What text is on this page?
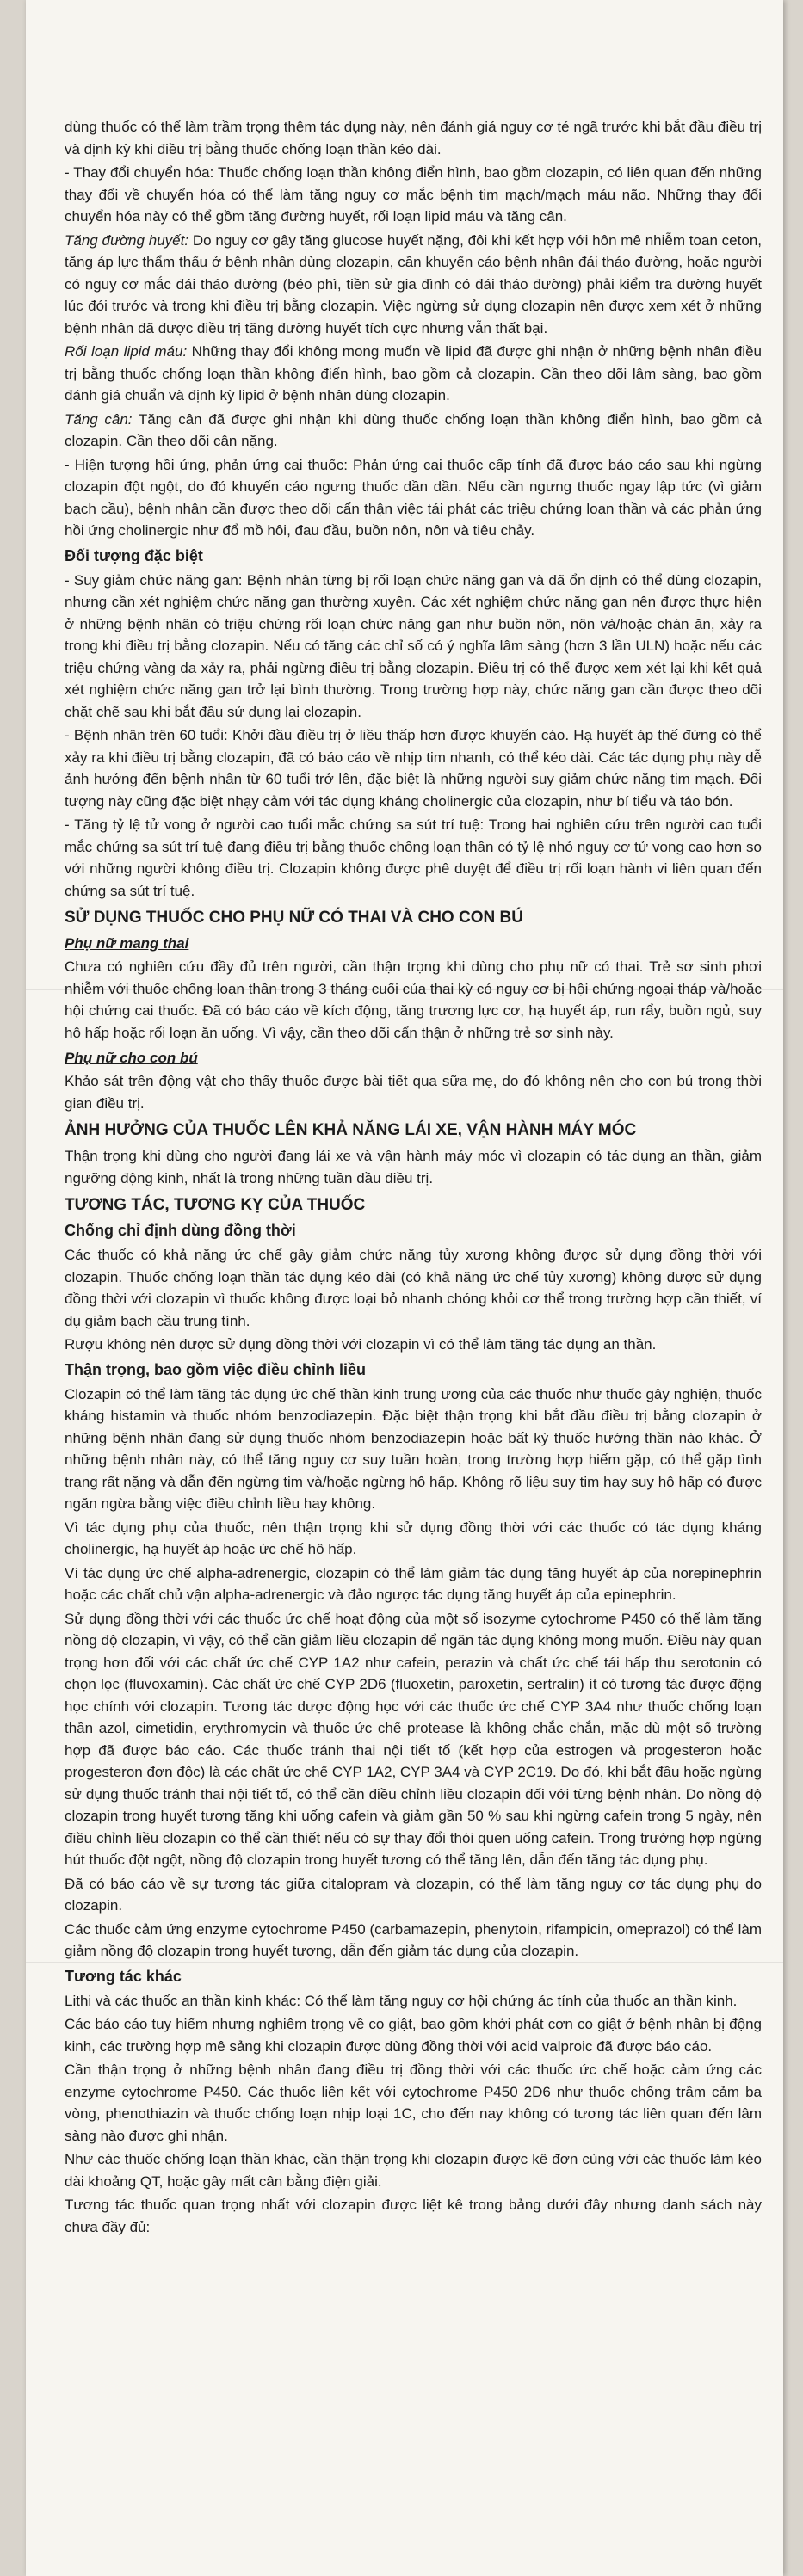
dùng thuốc có thể làm trầm trọng thêm tác dụng này, nên đánh giá nguy cơ té ngã trước khi bắt đầu điều trị và định kỳ khi điều trị bằng thuốc chống loạn thần kéo dài.

- Thay đổi chuyển hóa: Thuốc chống loạn thần không điển hình, bao gồm clozapin, có liên quan đến những thay đổi về chuyển hóa có thể làm tăng nguy cơ mắc bệnh tim mạch/mạch máu não. Những thay đổi chuyển hóa này có thể gồm tăng đường huyết, rối loạn lipid máu và tăng cân.

Tăng đường huyết: Do nguy cơ gây tăng glucose huyết nặng, đôi khi kết hợp với hôn mê nhiễm toan ceton, tăng áp lực thẩm thấu ở bệnh nhân dùng clozapin, cần khuyến cáo bệnh nhân đái tháo đường, hoặc người có nguy cơ mắc đái tháo đường (béo phì, tiền sử gia đình có đái tháo đường) phải kiểm tra đường huyết lúc đói trước và trong khi điều trị bằng clozapin. Việc ngừng sử dụng clozapin nên được xem xét ở những bệnh nhân đã được điều trị tăng đường huyết tích cực nhưng vẫn thất bại.

Rối loạn lipid máu: Những thay đổi không mong muốn về lipid đã được ghi nhận ở những bệnh nhân điều trị bằng thuốc chống loạn thần không điển hình, bao gồm cả clozapin. Cần theo dõi lâm sàng, bao gồm đánh giá chuẩn và định kỳ lipid ở bệnh nhân dùng clozapin.

Tăng cân: Tăng cân đã được ghi nhận khi dùng thuốc chống loạn thần không điển hình, bao gồm cả clozapin. Cần theo dõi cân nặng.

- Hiện tượng hồi ứng, phản ứng cai thuốc: Phản ứng cai thuốc cấp tính đã được báo cáo sau khi ngừng clozapin đột ngột, do đó khuyến cáo ngưng thuốc dần dần. Nếu cần ngưng thuốc ngay lập tức (vì giảm bạch cầu), bệnh nhân cần được theo dõi cẩn thận việc tái phát các triệu chứng loạn thần và các phản ứng hồi ứng cholinergic như đổ mồ hôi, đau đầu, buồn nôn, nôn và tiêu chảy.

Đối tượng đặc biệt

- Suy giảm chức năng gan: Bệnh nhân từng bị rối loạn chức năng gan và đã ổn định có thể dùng clozapin, nhưng cần xét nghiệm chức năng gan thường xuyên. Các xét nghiệm chức năng gan nên được thực hiện ở những bệnh nhân có triệu chứng rối loạn chức năng gan như buồn nôn, nôn và/hoặc chán ăn, xảy ra trong khi điều trị bằng clozapin. Nếu có tăng các chỉ số có ý nghĩa lâm sàng (hơn 3 lần ULN) hoặc nếu các triệu chứng vàng da xảy ra, phải ngừng điều trị bằng clozapin. Điều trị có thể được xem xét lại khi kết quả xét nghiệm chức năng gan trở lại bình thường. Trong trường hợp này, chức năng gan cần được theo dõi chặt chẽ sau khi bắt đầu sử dụng lại clozapin.

- Bệnh nhân trên 60 tuổi: Khởi đầu điều trị ở liều thấp hơn được khuyến cáo. Hạ huyết áp thế đứng có thể xảy ra khi điều trị bằng clozapin, đã có báo cáo về nhịp tim nhanh, có thể kéo dài. Các tác dụng phụ này dễ ảnh hưởng đến bệnh nhân từ 60 tuổi trở lên, đặc biệt là những người suy giảm chức năng tim mạch. Đối tượng này cũng đặc biệt nhạy cảm với tác dụng kháng cholinergic của clozapin, như bí tiểu và táo bón.

- Tăng tỷ lệ tử vong ở người cao tuổi mắc chứng sa sút trí tuệ: Trong hai nghiên cứu trên người cao tuổi mắc chứng sa sút trí tuệ đang điều trị bằng thuốc chống loạn thần có tỷ lệ nhỏ nguy cơ tử vong cao hơn so với những người không điều trị. Clozapin không được phê duyệt để điều trị rối loạn hành vi liên quan đến chứng sa sút trí tuệ.

SỬ DỤNG THUỐC CHO PHỤ NỮ CÓ THAI VÀ CHO CON BÚ
Phụ nữ mang thai

Chưa có nghiên cứu đầy đủ trên người, cần thận trọng khi dùng cho phụ nữ có thai. Trẻ sơ sinh phơi nhiễm với thuốc chống loạn thần trong 3 tháng cuối của thai kỳ có nguy cơ bị hội chứng ngoại tháp và/hoặc hội chứng cai thuốc. Đã có báo cáo về kích động, tăng trương lực cơ, hạ huyết áp, run rẩy, buồn ngủ, suy hô hấp hoặc rối loạn ăn uống. Vì vậy, cần theo dõi cẩn thận ở những trẻ sơ sinh này.

Phụ nữ cho con bú

Khảo sát trên động vật cho thấy thuốc được bài tiết qua sữa mẹ, do đó không nên cho con bú trong thời gian điều trị.

ẢNH HƯỞNG CỦA THUỐC LÊN KHẢ NĂNG LÁI XE, VẬN HÀNH MÁY MÓC

Thận trọng khi dùng cho người đang lái xe và vận hành máy móc vì clozapin có tác dụng an thần, giảm ngưỡng động kinh, nhất là trong những tuần đầu điều trị.

TƯƠNG TÁC, TƯƠNG KỴ CỦA THUỐC
Chống chỉ định dùng đồng thời

Các thuốc có khả năng ức chế gây giảm chức năng tủy xương không được sử dụng đồng thời với clozapin. Thuốc chống loạn thần tác dụng kéo dài (có khả năng ức chế tủy xương) không được sử dụng đồng thời với clozapin vì thuốc không được loại bỏ nhanh chóng khỏi cơ thể trong trường hợp cần thiết, ví dụ giảm bạch cầu trung tính.

Rượu không nên được sử dụng đồng thời với clozapin vì có thể làm tăng tác dụng an thần.

Thận trọng, bao gồm việc điều chỉnh liều

Clozapin có thể làm tăng tác dụng ức chế thần kinh trung ương của các thuốc như thuốc gây nghiện, thuốc kháng histamin và thuốc nhóm benzodiazepin. Đặc biệt thận trọng khi bắt đầu điều trị bằng clozapin ở những bệnh nhân đang sử dụng thuốc nhóm benzodiazepin hoặc bất kỳ thuốc hướng thần nào khác. Ở những bệnh nhân này, có thể tăng nguy cơ suy tuần hoàn, trong trường hợp hiếm gặp, có thể gặp tình trạng rất nặng và dẫn đến ngừng tim và/hoặc ngừng hô hấp. Không rõ liệu suy tim hay suy hô hấp có được ngăn ngừa bằng việc điều chỉnh liều hay không.

Vì tác dụng phụ của thuốc, nên thận trọng khi sử dụng đồng thời với các thuốc có tác dụng kháng cholinergic, hạ huyết áp hoặc ức chế hô hấp.

Vì tác dụng ức chế alpha-adrenergic, clozapin có thể làm giảm tác dụng tăng huyết áp của norepinephrin hoặc các chất chủ vận alpha-adrenergic và đảo ngược tác dụng tăng huyết áp của epinephrin.

Sử dụng đồng thời với các thuốc ức chế hoạt động của một số isozyme cytochrome P450 có thể làm tăng nồng độ clozapin, vì vậy, có thể cần giảm liều clozapin để ngăn tác dụng không mong muốn. Điều này quan trọng hơn đối với các chất ức chế CYP 1A2 như cafein, perazin và chất ức chế tái hấp thu serotonin có chọn lọc (fluvoxamin). Các chất ức chế CYP 2D6 (fluoxetin, paroxetin, sertralin) ít có tương tác được động học chính với clozapin. Tương tác dược động học với các thuốc ức chế CYP 3A4 như thuốc chống loạn thần azol, cimetidin, erythromycin và thuốc ức chế protease là không chắc chắn, mặc dù một số trường hợp đã được báo cáo. Các thuốc tránh thai nội tiết tố (kết hợp của estrogen và progesteron hoặc progesteron đơn độc) là các chất ức chế CYP 1A2, CYP 3A4 và CYP 2C19. Do đó, khi bắt đầu hoặc ngừng sử dụng thuốc tránh thai nội tiết tố, có thể cần điều chỉnh liều clozapin đối với từng bệnh nhân. Do nồng độ clozapin trong huyết tương tăng khi uống cafein và giảm gần 50 % sau khi ngừng cafein trong 5 ngày, nên điều chỉnh liều clozapin có thể cần thiết nếu có sự thay đổi thói quen uống cafein. Trong trường hợp ngừng hút thuốc đột ngột, nồng độ clozapin trong huyết tương có thể tăng lên, dẫn đến tăng tác dụng phụ.

Đã có báo cáo về sự tương tác giữa citalopram và clozapin, có thể làm tăng nguy cơ tác dụng phụ do clozapin.

Các thuốc cảm ứng enzyme cytochrome P450 (carbamazepin, phenytoin, rifampicin, omeprazol) có thể làm giảm nồng độ clozapin trong huyết tương, dẫn đến giảm tác dụng của clozapin.

Tương tác khác

Lithi và các thuốc an thần kinh khác: Có thể làm tăng nguy cơ hội chứng ác tính của thuốc an thần kinh.

Các báo cáo tuy hiếm nhưng nghiêm trọng về co giật, bao gồm khởi phát cơn co giật ở bệnh nhân bị động kinh, các trường hợp mê sảng khi clozapin được dùng đồng thời với acid valproic đã được báo cáo.

Cần thận trọng ở những bệnh nhân đang điều trị đồng thời với các thuốc ức chế hoặc cảm ứng các enzyme cytochrome P450. Các thuốc liên kết với cytochrome P450 2D6 như thuốc chống trầm cảm ba vòng, phenothiazin và thuốc chống loạn nhịp loại 1C, cho đến nay không có tương tác liên quan đến lâm sàng nào được ghi nhận.

Như các thuốc chống loạn thần khác, cần thận trọng khi clozapin được kê đơn cùng với các thuốc làm kéo dài khoảng QT, hoặc gây mất cân bằng điện giải.

Tương tác thuốc quan trọng nhất với clozapin được liệt kê trong bảng dưới đây nhưng danh sách này chưa đầy đủ:
